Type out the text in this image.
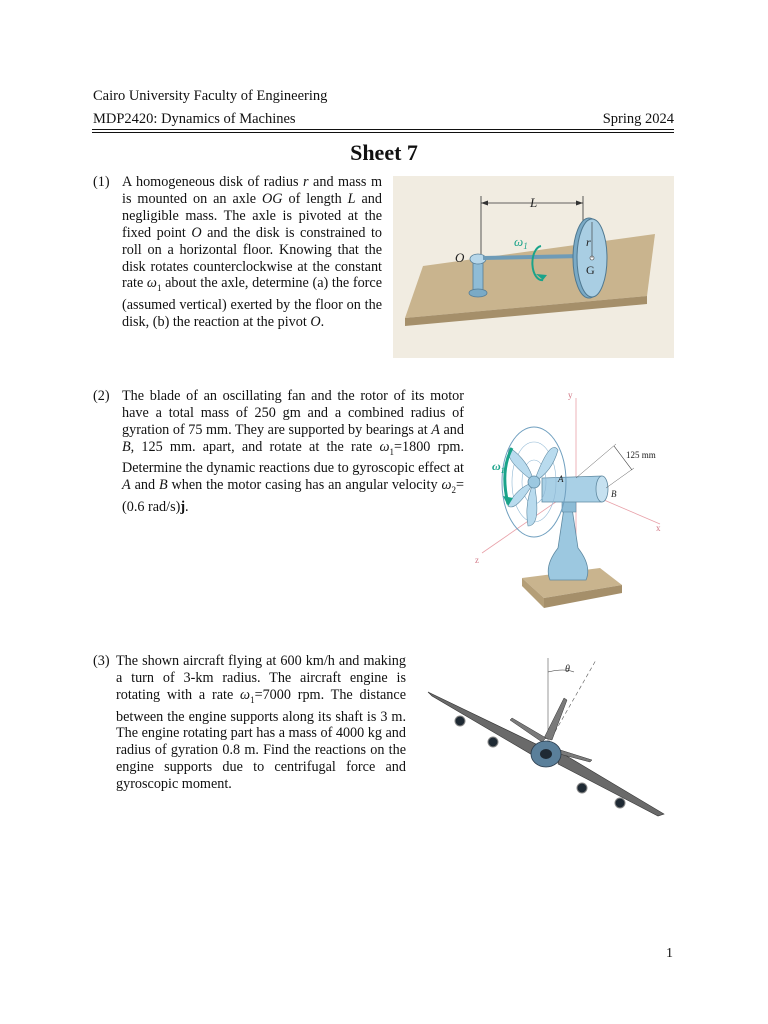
Cairo University Faculty of Engineering
MDP2420: Dynamics of Machines	Spring 2024
Sheet 7
(1) A homogeneous disk of radius r and mass m is mounted on an axle OG of length L and negligible mass. The axle is pivoted at the fixed point O and the disk is constrained to roll on a horizontal floor. Knowing that the disk rotates counterclockwise at the constant rate $\omega_1$ about the axle, determine (a) the force (assumed vertical) exerted by the floor on the disk, (b) the reaction at the pivot O.
L
O
$\omega_1$	r
G
(2) The blade of an oscillating fan and the rotor of its motor have a total mass of 250 gm and a combined radius of gyration of 75 mm. They are supported by bearings at A and B, 125 mm. apart, and rotate at the rate $\omega_1=1800$ rpm. Determine the dynamic reactions due to gyroscopic effect at A and B when the motor casing has an angular velocity $\omega_2=(0.6$ rad/s)j.
y
x
z
$\omega_1$
125 mm
A
B
(3) The shown aircraft flying at 600 km/h and making a turn of 3-km radius. The aircraft engine is rotating with a rate $\omega_1=7000$ rpm. The distance between the engine supports along its shaft is 3 m. The engine rotating part has a mass of 4000 kg and radius of gyration 0.8 m. Find the reactions on the engine supports due to centrifugal force and gyroscopic moment.
θ
1
